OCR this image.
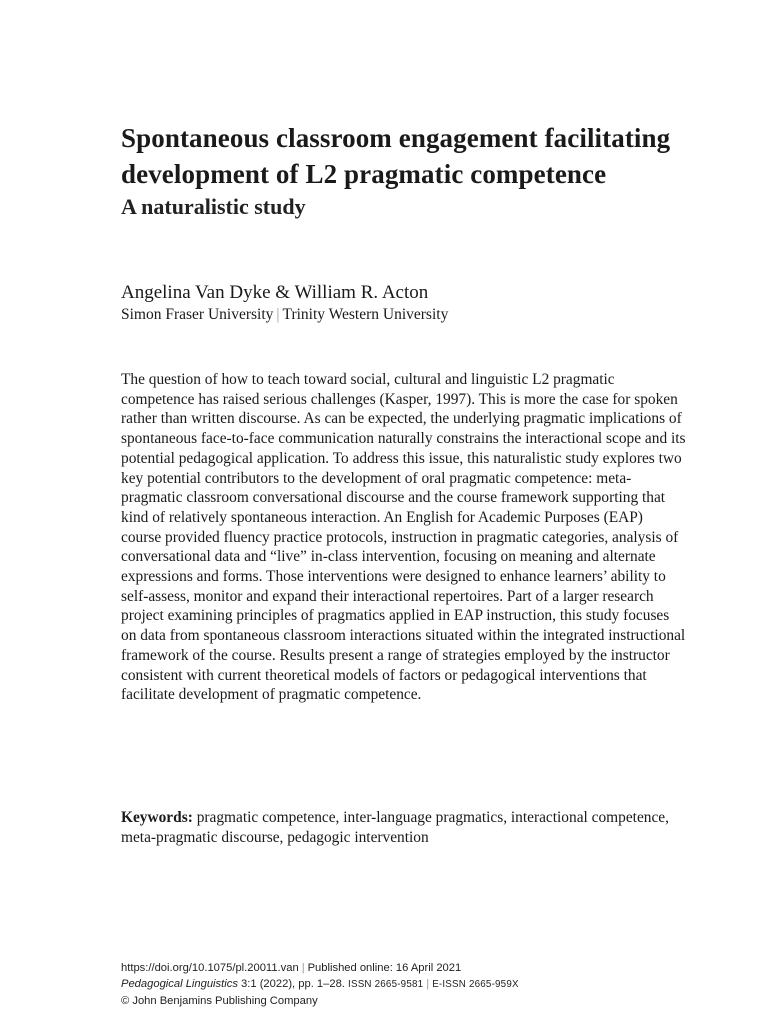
Spontaneous classroom engagement facilitating development of L2 pragmatic competence
A naturalistic study

Angelina Van Dyke & William R. Acton

Simon Fraser University | Trinity Western University

The question of how to teach toward social, cultural and linguistic L2 pragmatic competence has raised serious challenges (Kasper, 1997). This is more the case for spoken rather than written discourse. As can be expected, the underlying pragmatic implications of spontaneous face-to-face communication naturally constrains the interactional scope and its potential pedagogical application. To address this issue, this naturalistic study explores two key potential contributors to the development of oral pragmatic competence: meta-pragmatic classroom conversational discourse and the course framework supporting that kind of relatively spontaneous interaction. An English for Academic Purposes (EAP) course provided fluency practice protocols, instruction in pragmatic categories, analysis of conversational data and “live” in-class intervention, focusing on meaning and alternate expressions and forms. Those interventions were designed to enhance learners’ ability to self-assess, monitor and expand their interactional repertoires. Part of a larger research project examining principles of pragmatics applied in EAP instruction, this study focuses on data from spontaneous classroom interactions situated within the integrated instructional framework of the course. Results present a range of strategies employed by the instructor consistent with current theoretical models of factors or pedagogical interventions that facilitate development of pragmatic competence.

Keywords: pragmatic competence, inter-language pragmatics, interactional competence, meta-pragmatic discourse, pedagogic intervention

https://doi.org/10.1075/pl.20011.van | Published online: 16 April 2021
Pedagogical Linguistics 3:1 (2022), pp. 1–28. ISSN 2665-9581 | E-ISSN 2665-959X
© John Benjamins Publishing Company
